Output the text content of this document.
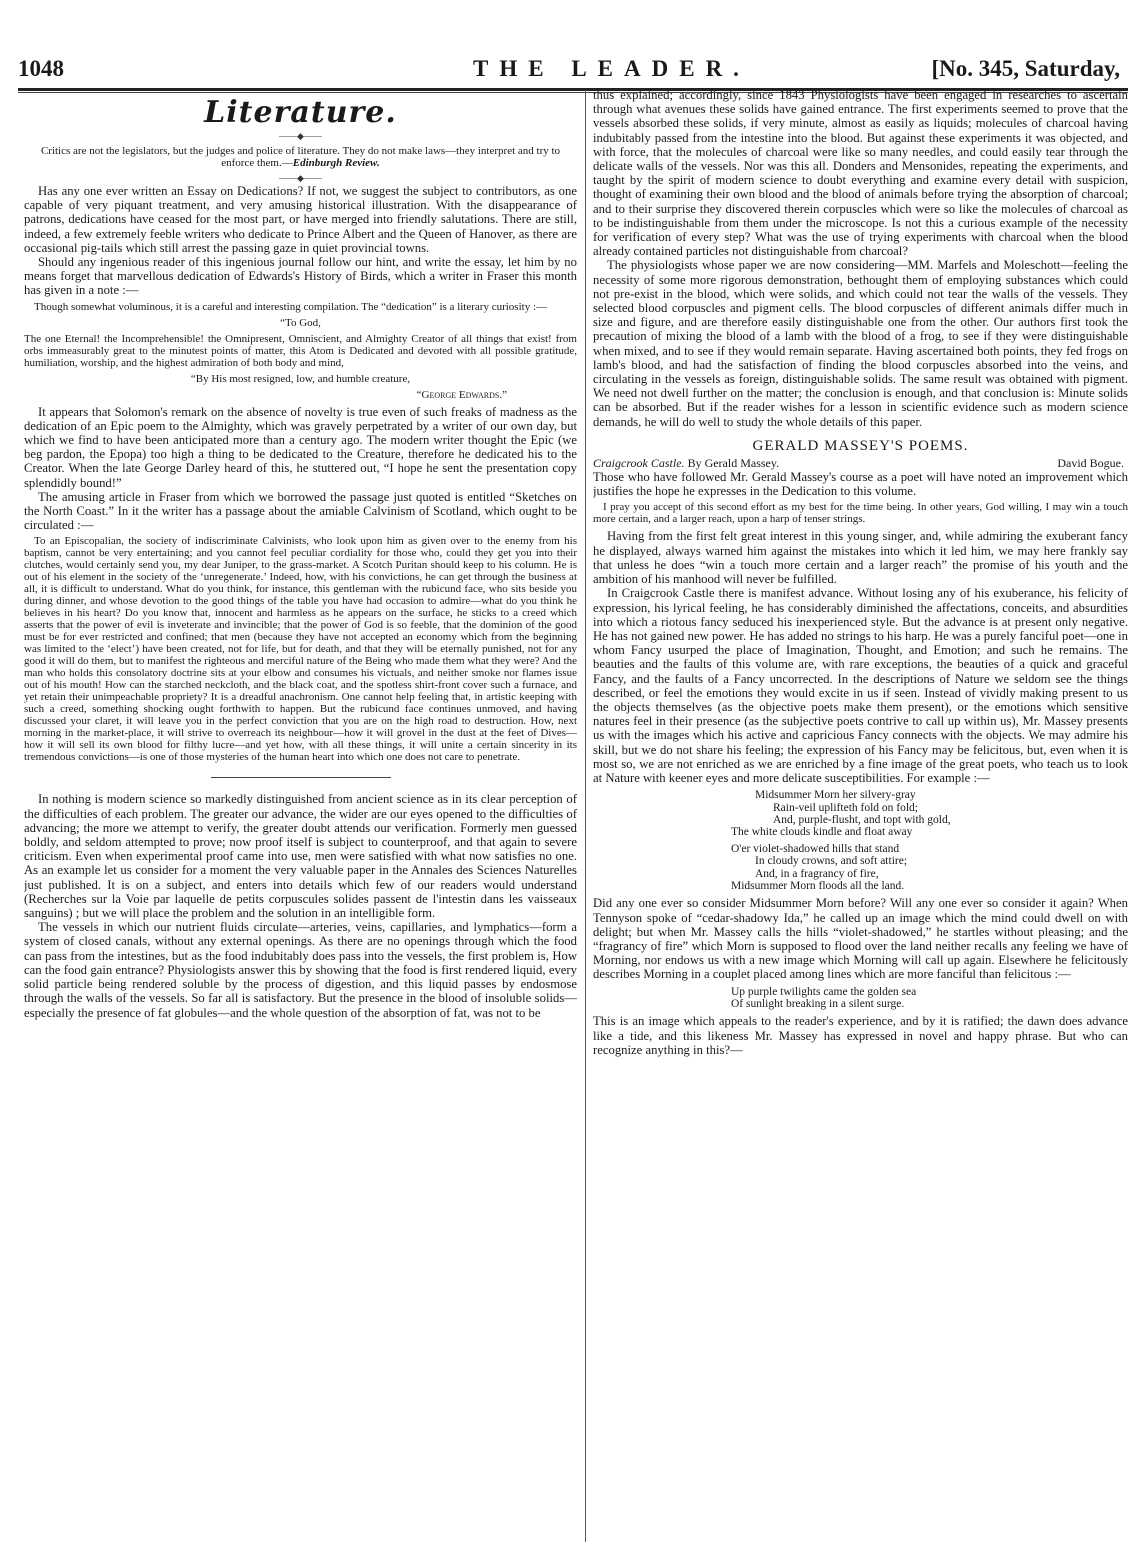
1048	THE LEADER.	[No. 345, Saturday,
Literature.
——◆——
Critics are not the legislators, but the judges and police of literature. They do not make laws—they interpret and try to enforce them.—Edinburgh Review.
——◆——

Has any one ever written an Essay on Dedications? If not, we suggest the subject to contributors, as one capable of very piquant treatment, and very amusing historical illustration. With the disappearance of patrons, dedications have ceased for the most part, or have merged into friendly salutations. There are still, indeed, a few extremely feeble writers who dedicate to Prince Albert and the Queen of Hanover, as there are occasional pig-tails which still arrest the passing gaze in quiet provincial towns.

Should any ingenious reader of this ingenious journal follow our hint, and write the essay, let him by no means forget that marvellous dedication of Edwards's History of Birds, which a writer in Fraser this month has given in a note :—

Though somewhat voluminous, it is a careful and interesting compilation. The “dedication” is a literary curiosity :—
“To God,
The one Eternal! the Incomprehensible! the Omnipresent, Omniscient, and Almighty Creator of all things that exist! from orbs immeasurably great to the minutest points of matter, this Atom is Dedicated and devoted with all possible gratitude, humiliation, worship, and the highest admiration of both body and mind,
“By His most resigned, low, and humble creature,
“George Edwards.”

It appears that Solomon's remark on the absence of novelty is true even of such freaks of madness as the dedication of an Epic poem to the Almighty, which was gravely perpetrated by a writer of our own day, but which we find to have been anticipated more than a century ago. The modern writer thought the Epic (we beg pardon, the Epopa) too high a thing to be dedicated to the Creature, therefore he dedicated his to the Creator. When the late George Darley heard of this, he stuttered out, “I hope he sent the presentation copy splendidly bound!”

The amusing article in Fraser from which we borrowed the passage just quoted is entitled “Sketches on the North Coast.” In it the writer has a passage about the amiable Calvinism of Scotland, which ought to be circulated :—

To an Episcopalian, the society of indiscriminate Calvinists, who look upon him as given over to the enemy from his baptism, cannot be very entertaining; and you cannot feel peculiar cordiality for those who, could they get you into their clutches, would certainly send you, my dear Juniper, to the grass-market. A Scotch Puritan should keep to his column. He is out of his element in the society of the ‘unregenerate.’ Indeed, how, with his convictions, he can get through the business at all, it is difficult to understand. What do you think, for instance, this gentleman with the rubicund face, who sits beside you during dinner, and whose devotion to the good things of the table you have had occasion to admire—what do you think he believes in his heart? Do you know that, innocent and harmless as he appears on the surface, he sticks to a creed which asserts that the power of evil is inveterate and invincible; that the power of God is so feeble, that the dominion of the good must be for ever restricted and confined; that men (because they have not accepted an economy which from the beginning was limited to the ‘elect’) have been created, not for life, but for death, and that they will be eternally punished, not for any good it will do them, but to manifest the righteous and merciful nature of the Being who made them what they were? And the man who holds this consolatory doctrine sits at your elbow and consumes his victuals, and neither smoke nor flames issue out of his mouth! How can the starched neckcloth, and the black coat, and the spotless shirt-front cover such a furnace, and yet retain their unimpeachable propriety? It is a dreadful anachronism. One cannot help feeling that, in artistic keeping with such a creed, something shocking ought forthwith to happen. But the rubicund face continues unmoved, and having discussed your claret, it will leave you in the perfect conviction that you are on the high road to destruction. How, next morning in the market-place, it will strive to overreach its neighbour—how it will grovel in the dust at the feet of Dives—how it will sell its own blood for filthy lucre—and yet how, with all these things, it will unite a certain sincerity in its tremendous convictions—is one of those mysteries of the human heart into which one does not care to penetrate.

In nothing is modern science so markedly distinguished from ancient science as in its clear perception of the difficulties of each problem. The greater our advance, the wider are our eyes opened to the difficulties of advancing; the more we attempt to verify, the greater doubt attends our verification. Formerly men guessed boldly, and seldom attempted to prove; now proof itself is subject to counterproof, and that again to severe criticism. Even when experimental proof came into use, men were satisfied with what now satisfies no one. As an example let us consider for a moment the very valuable paper in the Annales des Sciences Naturelles just published. It is on a subject, and enters into details which few of our readers would understand (Recherches sur la Voie par laquelle de petits corpuscules solides passent de l'intestin dans les vaisseaux sanguins) ; but we will place the problem and the solution in an intelligible form.

The vessels in which our nutrient fluids circulate—arteries, veins, capillaries, and lymphatics—form a system of closed canals, without any external openings. As there are no openings through which the food can pass from the intestines, but as the food indubitably does pass into the vessels, the first problem is, How can the food gain entrance? Physiologists answer this by showing that the food is first rendered liquid, every solid particle being rendered soluble by the process of digestion, and this liquid passes by endosmose through the walls of the vessels. So far all is satisfactory. But the presence in the blood of insoluble solids—especially the presence of fat globules—and the whole question of the absorption of fat, was not to be

thus explained; accordingly, since 1843 Physiologists have been engaged in researches to ascertain through what avenues these solids have gained entrance. The first experiments seemed to prove that the vessels absorbed these solids, if very minute, almost as easily as liquids; molecules of charcoal having indubitably passed from the intestine into the blood. But against these experiments it was objected, and with force, that the molecules of charcoal were like so many needles, and could easily tear through the delicate walls of the vessels. Nor was this all. Donders and Mensonides, repeating the experiments, and taught by the spirit of modern science to doubt everything and examine every detail with suspicion, thought of examining their own blood and the blood of animals before trying the absorption of charcoal; and to their surprise they discovered therein corpuscles which were so like the molecules of charcoal as to be indistinguishable from them under the microscope. Is not this a curious example of the necessity for verification of every step? What was the use of trying experiments with charcoal when the blood already contained particles not distinguishable from charcoal?

The physiologists whose paper we are now considering—MM. Marfels and Moleschott—feeling the necessity of some more rigorous demonstration, bethought them of employing substances which could not pre-exist in the blood, which were solids, and which could not tear the walls of the vessels. They selected blood corpuscles and pigment cells. The blood corpuscles of different animals differ much in size and figure, and are therefore easily distinguishable one from the other. Our authors first took the precaution of mixing the blood of a lamb with the blood of a frog, to see if they were distinguishable when mixed, and to see if they would remain separate. Having ascertained both points, they fed frogs on lamb's blood, and had the satisfaction of finding the blood corpuscles absorbed into the veins, and circulating in the vessels as foreign, distinguishable solids. The same result was obtained with pigment. We need not dwell further on the matter; the conclusion is enough, and that conclusion is: Minute solids can be absorbed. But if the reader wishes for a lesson in scientific evidence such as modern science demands, he will do well to study the whole details of this paper.

GERALD MASSEY'S POEMS.
Craigcrook Castle. By Gerald Massey.	David Bogue.

Those who have followed Mr. Gerald Massey's course as a poet will have noted an improvement which justifies the hope he expresses in the Dedication to this volume.

I pray you accept of this second effort as my best for the time being. In other years, God willing, I may win a touch more certain, and a larger reach, upon a harp of tenser strings.

Having from the first felt great interest in this young singer, and, while admiring the exuberant fancy he displayed, always warned him against the mistakes into which it led him, we may here frankly say that unless he does “win a touch more certain and a larger reach” the promise of his youth and the ambition of his manhood will never be fulfilled.

In Craigcrook Castle there is manifest advance. Without losing any of his exuberance, his felicity of expression, his lyrical feeling, he has considerably diminished the affectations, conceits, and absurdities into which a riotous fancy seduced his inexperienced style. But the advance is at present only negative. He has not gained new power. He has added no strings to his harp. He was a purely fanciful poet—one in whom Fancy usurped the place of Imagination, Thought, and Emotion; and such he remains. The beauties and the faults of this volume are, with rare exceptions, the beauties of a quick and graceful Fancy, and the faults of a Fancy uncorrected. In the descriptions of Nature we seldom see the things described, or feel the emotions they would excite in us if seen. Instead of vividly making present to us the objects themselves (as the objective poets make them present), or the emotions which sensitive natures feel in their presence (as the subjective poets contrive to call up within us), Mr. Massey presents us with the images which his active and capricious Fancy connects with the objects. We may admire his skill, but we do not share his feeling; the expression of his Fancy may be felicitous, but, even when it is most so, we are not enriched as we are enriched by a fine image of the great poets, who teach us to look at Nature with keener eyes and more delicate susceptibilities. For example :—

Midsummer Morn her silvery-gray
Rain-veil uplifteth fold on fold;
And, purple-flusht, and topt with gold,
The white clouds kindle and float away
O'er violet-shadowed hills that stand
In cloudy crowns, and soft attire;
And, in a fragrancy of fire,
Midsummer Morn floods all the land.

Did any one ever so consider Midsummer Morn before? Will any one ever so consider it again? When Tennyson spoke of “cedar-shadowy Ida,” he called up an image which the mind could dwell on with delight; but when Mr. Massey calls the hills “violet-shadowed,” he startles without pleasing; and the “fragrancy of fire” which Morn is supposed to flood over the land neither recalls any feeling we have of Morning, nor endows us with a new image which Morning will call up again. Elsewhere he felicitously describes Morning in a couplet placed among lines which are more fanciful than felicitous :—

Up purple twilights came the golden sea
Of sunlight breaking in a silent surge.

This is an image which appeals to the reader's experience, and by it is ratified; the dawn does advance like a tide, and this likeness Mr. Massey has expressed in novel and happy phrase. But who can recognize anything in this?—
